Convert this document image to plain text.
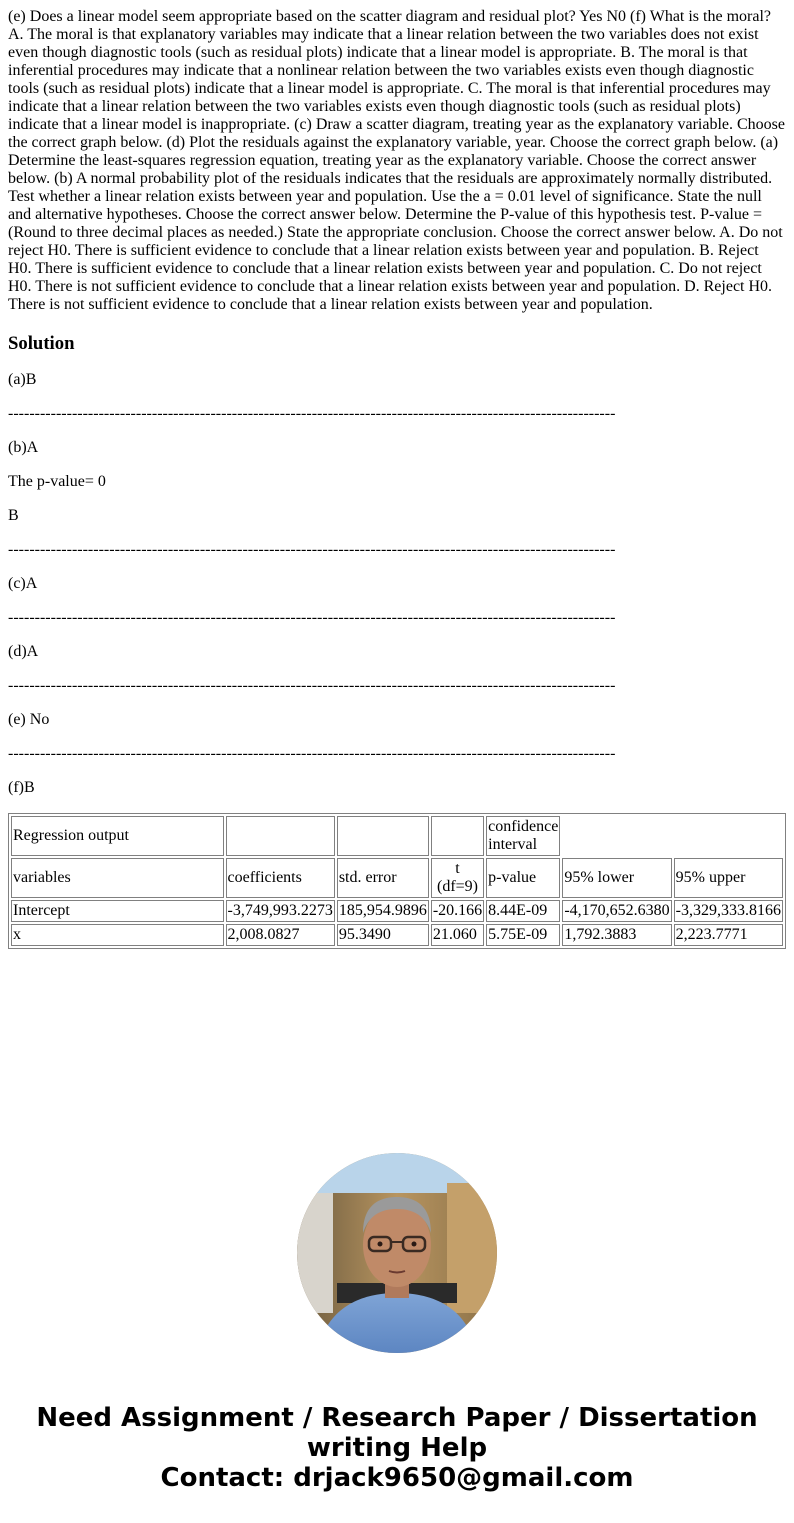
(e) Does a linear model seem appropriate based on the scatter diagram and residual plot? Yes N0 (f) What is the moral? A. The moral is that explanatory variables may indicate that a linear relation between the two variables does not exist even though diagnostic tools (such as residual plots) indicate that a linear model is appropriate. B. The moral is that inferential procedures may indicate that a nonlinear relation between the two variables exists even though diagnostic tools (such as residual plots) indicate that a linear model is appropriate. C. The moral is that inferential procedures may indicate that a linear relation between the two variables exists even though diagnostic tools (such as residual plots) indicate that a linear model is inappropriate. (c) Draw a scatter diagram, treating year as the explanatory variable. Choose the correct graph below. (d) Plot the residuals against the explanatory variable, year. Choose the correct graph below. (a) Determine the least-squares regression equation, treating year as the explanatory variable. Choose the correct answer below. (b) A normal probability plot of the residuals indicates that the residuals are approximately normally distributed. Test whether a linear relation exists between year and population. Use the a = 0.01 level of significance. State the null and alternative hypotheses. Choose the correct answer below. Determine the P-value of this hypothesis test. P-value = (Round to three decimal places as needed.) State the appropriate conclusion. Choose the correct answer below. A. Do not reject H0. There is sufficient evidence to conclude that a linear relation exists between year and population. B. Reject H0. There is sufficient evidence to conclude that a linear relation exists between year and population. C. Do not reject H0. There is not sufficient evidence to conclude that a linear relation exists between year and population. D. Reject H0. There is not sufficient evidence to conclude that a linear relation exists between year and population.

Solution

(a)B

------------------------------------------------------------------------------------------------------------------

(b)A

The p-value= 0

B

------------------------------------------------------------------------------------------------------------------

(c)A

------------------------------------------------------------------------------------------------------------------

(d)A

------------------------------------------------------------------------------------------------------------------

(e) No

------------------------------------------------------------------------------------------------------------------

(f)B

Regression output				confidence interval		
variables	coefficients	std. error	t (df=9)	p-value	95% lower	95% upper
Intercept	-3,749,993.2273	185,954.9896	-20.166	8.44E-09	-4,170,652.6380	-3,329,333.8166
x	2,008.0827	95.3490	21.060	5.75E-09	1,792.3883	2,223.7771
Need Assignment / Research Paper / Dissertation writing Help
Contact: drjack9650@gmail.com
